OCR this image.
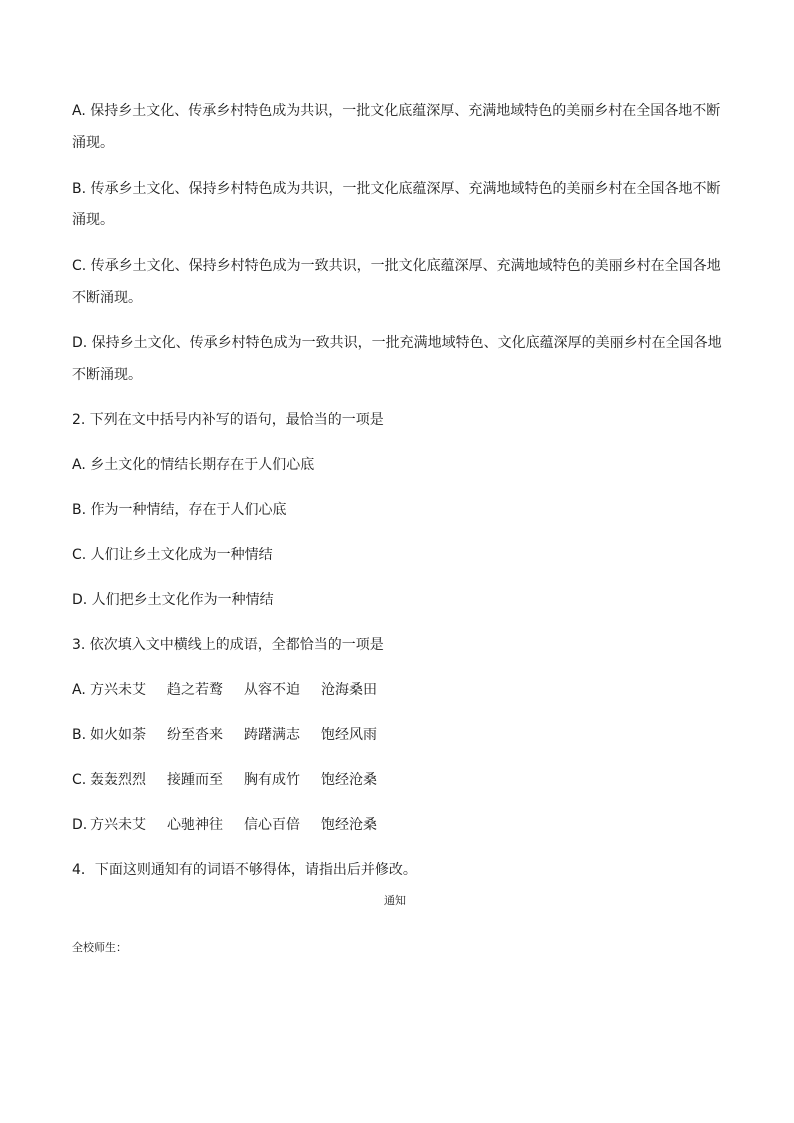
A. 保持乡土文化、传承乡村特色成为共识，一批文化底蕴深厚、充满地域特色的美丽乡村在全国各地不断
涌现。
B. 传承乡土文化、保持乡村特色成为共识，一批文化底蕴深厚、充满地域特色的美丽乡村在全国各地不断
涌现。
C. 传承乡土文化、保持乡村特色成为一致共识，一批文化底蕴深厚、充满地域特色的美丽乡村在全国各地
不断涌现。
D. 保持乡土文化、传承乡村特色成为一致共识，一批充满地域特色、文化底蕴深厚的美丽乡村在全国各地
不断涌现。
2. 下列在文中括号内补写的语句，最恰当的一项是
A. 乡土文化的情结长期存在于人们心底
B. 作为一种情结，存在于人们心底
C. 人们让乡土文化成为一种情结
D. 人们把乡土文化作为一种情结
3. 依次填入文中横线上的成语，全都恰当的一项是
A. 方兴未艾 趋之若鹜 从容不迫 沧海桑田
B. 如火如荼 纷至沓来 踌躇满志 饱经风雨
C. 轰轰烈烈 接踵而至 胸有成竹 饱经沧桑
D. 方兴未艾 心驰神往 信心百倍 饱经沧桑
4．下面这则通知有的词语不够得体，请指出后并修改。
通知
全校师生：
